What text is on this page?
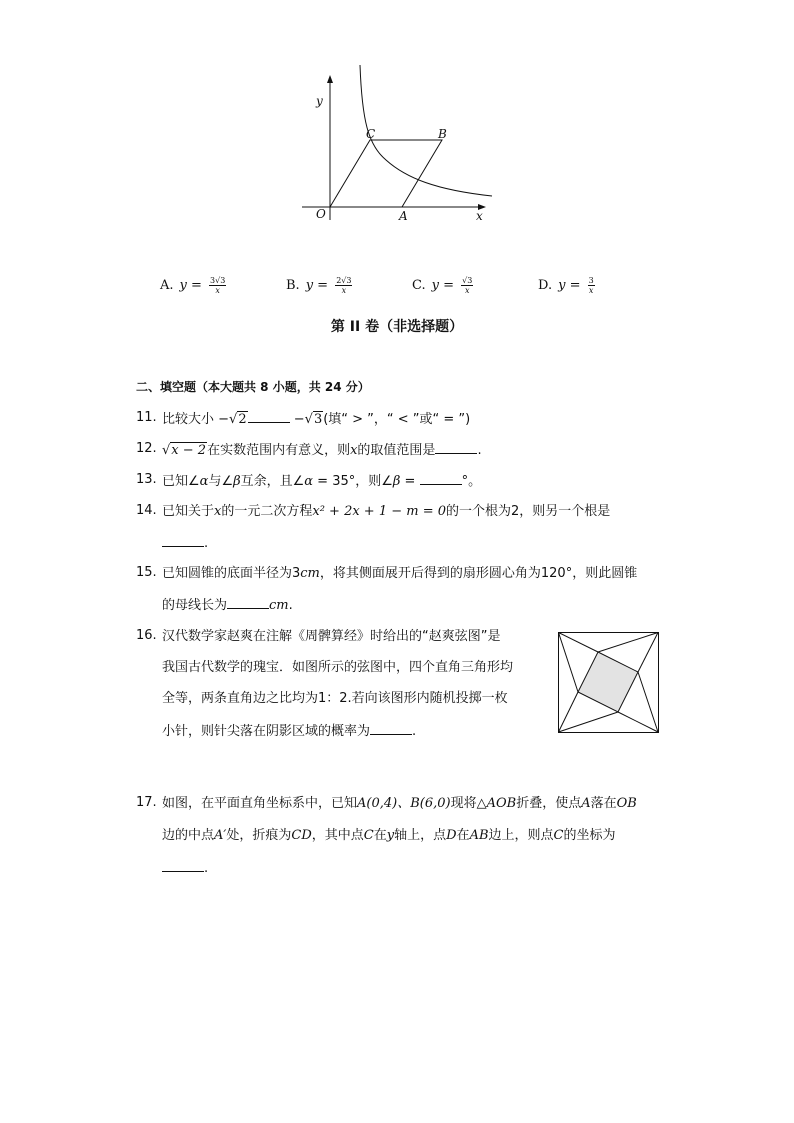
y
x
O	A
B
C
A. $y = \frac{3√3}{x}$	B. $y = \frac{2√3}{x}$	C. $y = \frac{√3}{x}$	D. $y = \frac{3}{x}$
第 II 卷（非选择题）
二、填空题（本大题共 8 小题，共 24 分）
11. 比较大小 −√2	−√3(填“ > ”，“ < ”或“ = ”)
12. √x − 2在实数范围内有意义，则x的取值范围是	.
13. 已知∠α与∠β互余，且∠α = 35°，则∠β =	°。
14. 已知关于x的一元二次方程x² + 2x + 1 − m = 0的一个根为2，则另一个根是
.
15. 已知圆锥的底面半径为3cm，将其侧面展开后得到的扇形圆心角为120°，则此圆锥
的母线长为	cm.
16. 汉代数学家赵爽在注解《周髀算经》时给出的“赵爽弦图”是
我国古代数学的瑰宝．如图所示的弦图中，四个直角三角形均
全等，两条直角边之比均为1：2.若向该图形内随机投掷一枚
小针，则针尖落在阴影区域的概率为	.
17. 如图，在平面直角坐标系中，已知A(0,4)、B(6,0)现将△AOB折叠，使点A落在OB
边的中点A′处，折痕为CD，其中点C在y轴上，点D在AB边上，则点C的坐标为
.
